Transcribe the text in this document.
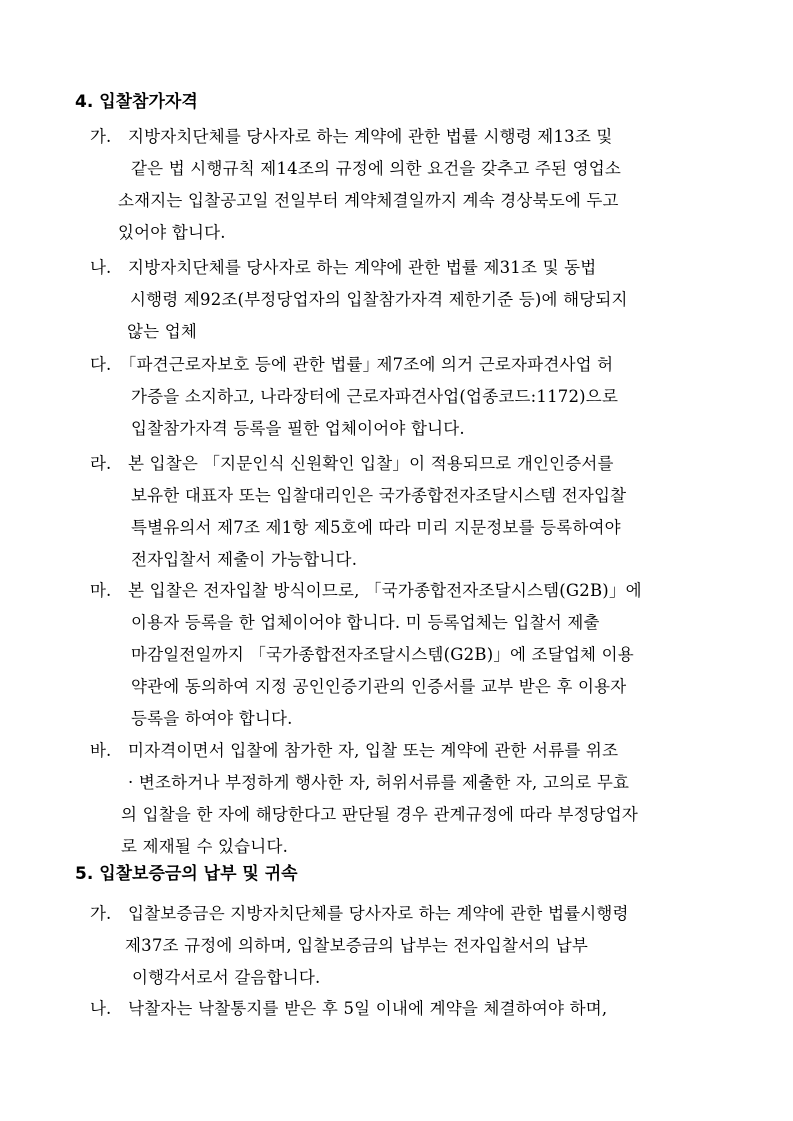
4. 입찰참가자격
가.	지방자치단체를 당사자로 하는 계약에 관한 법률 시행령 제13조 및
같은 법 시행규칙 제14조의 규정에 의한 요건을 갖추고 주된 영업소
소재지는 입찰공고일 전일부터 계약체결일까지 계속 경상북도에 두고
있어야 합니다.
나.	지방자치단체를 당사자로 하는 계약에 관한 법률 제31조 및 동법
시행령 제92조(부정당업자의 입찰참가자격 제한기준 등)에 해당되지
않는 업체
다.	｢파견근로자보호 등에 관한 법률｣ 제7조에 의거 근로자파견사업 허
가증을 소지하고, 나라장터에 근로자파견사업(업종코드:1172)으로
입찰참가자격 등록을 필한 업체이어야 합니다.
라.	본 입찰은 「지문인식 신원확인 입찰」이 적용되므로 개인인증서를
보유한 대표자 또는 입찰대리인은 국가종합전자조달시스템 전자입찰
특별유의서 제7조 제1항 제5호에 따라 미리 지문정보를 등록하여야
전자입찰서 제출이 가능합니다.
마.	본 입찰은 전자입찰 방식이므로, 「국가종합전자조달시스템(G2B)」에
이용자 등록을 한 업체이어야 합니다. 미 등록업체는 입찰서 제출
마감일전일까지 「국가종합전자조달시스템(G2B)」에 조달업체 이용
약관에 동의하여 지정 공인인증기관의 인증서를 교부 받은 후 이용자
등록을 하여야 합니다.
바.	미자격이면서 입찰에 참가한 자, 입찰 또는 계약에 관한 서류를 위조
· 변조하거나 부정하게 행사한 자, 허위서류를 제출한 자, 고의로 무효
의 입찰을 한 자에 해당한다고 판단될 경우 관계규정에 따라 부정당업자
로 제재될 수 있습니다.
5. 입찰보증금의 납부 및 귀속
가.	입찰보증금은 지방자치단체를 당사자로 하는 계약에 관한 법률시행령
제37조 규정에 의하며, 입찰보증금의 납부는 전자입찰서의 납부
이행각서로서 갈음합니다.
나.	낙찰자는 낙찰통지를 받은 후 5일 이내에 계약을 체결하여야 하며,
